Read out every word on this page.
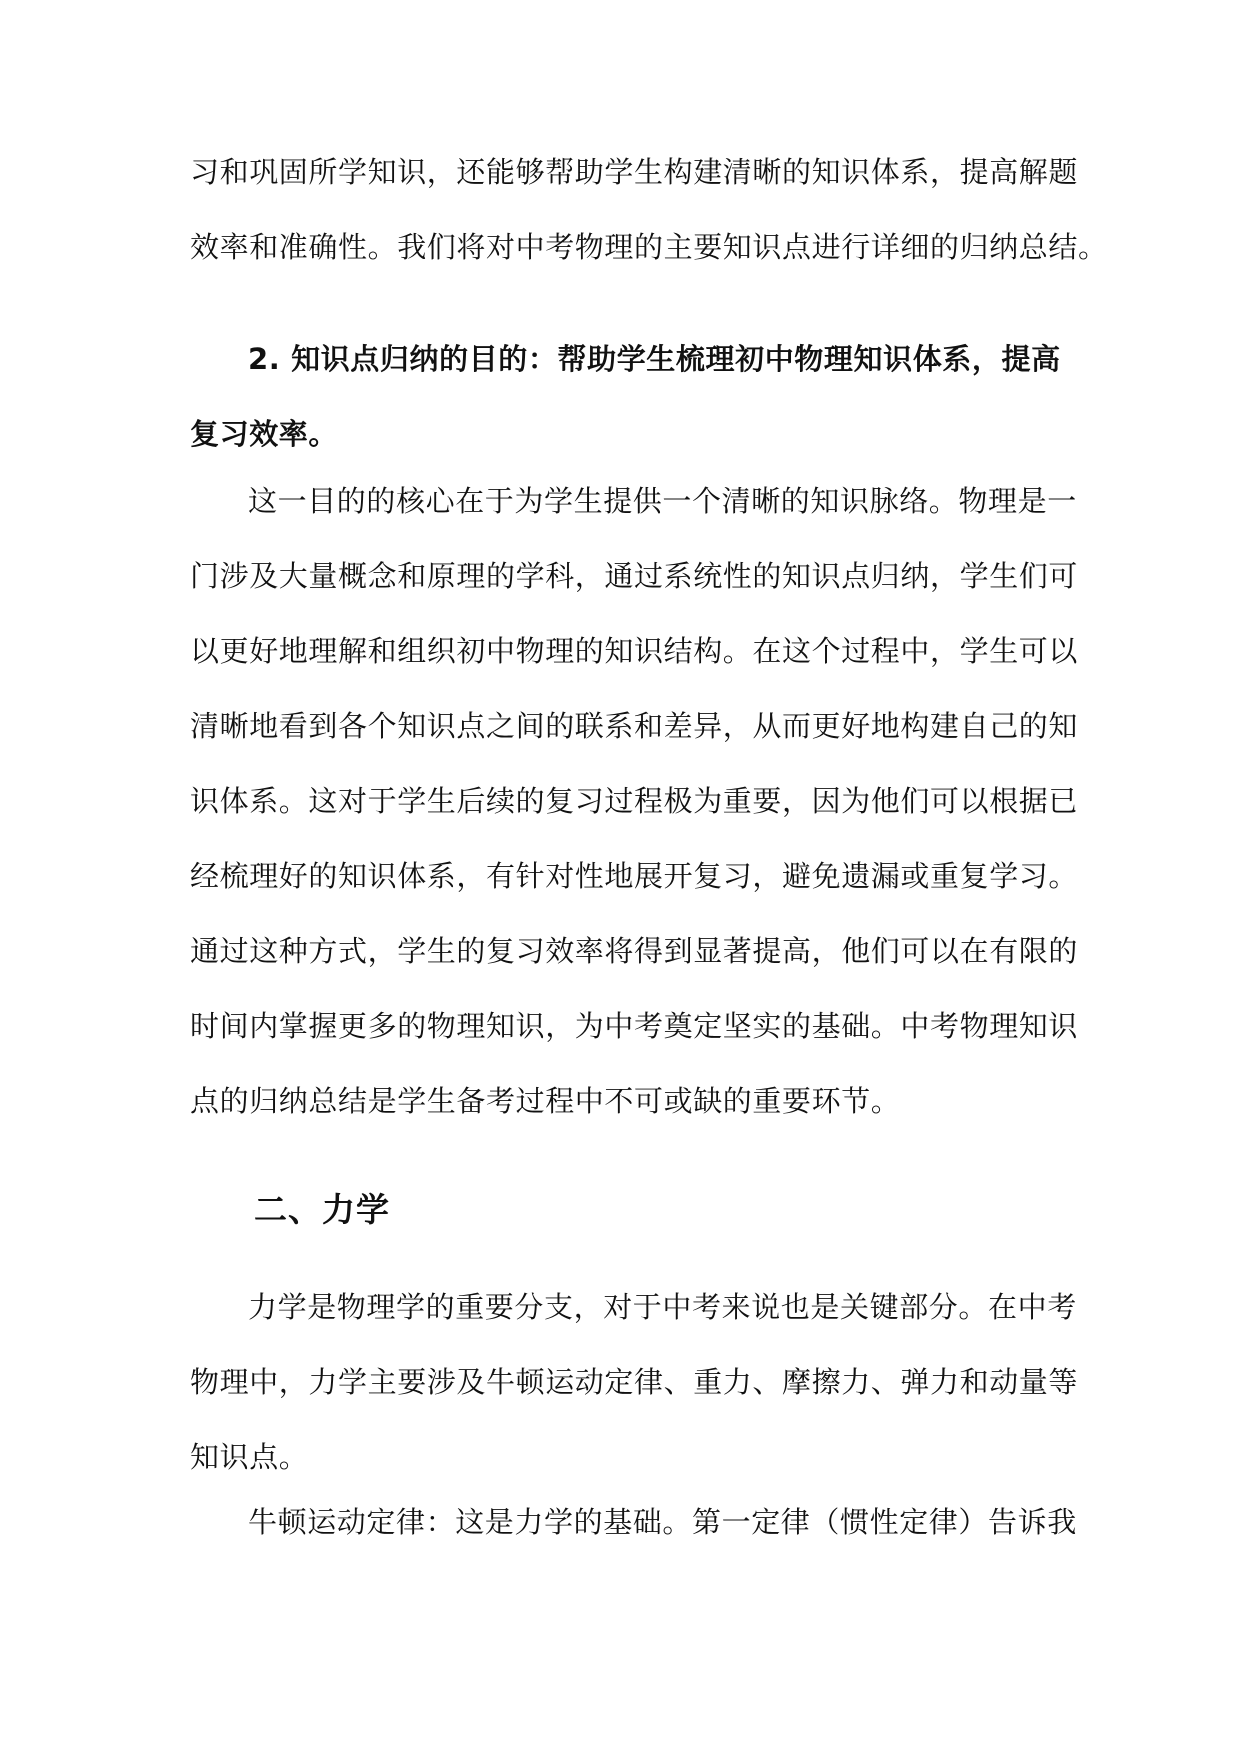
习和巩固所学知识，还能够帮助学生构建清晰的知识体系，提高解题
效率和准确性。我们将对中考物理的主要知识点进行详细的归纳总结。
2. 知识点归纳的目的：帮助学生梳理初中物理知识体系，提高
复习效率。
这一目的的核心在于为学生提供一个清晰的知识脉络。物理是一
门涉及大量概念和原理的学科，通过系统性的知识点归纳，学生们可
以更好地理解和组织初中物理的知识结构。在这个过程中，学生可以
清晰地看到各个知识点之间的联系和差异，从而更好地构建自己的知
识体系。这对于学生后续的复习过程极为重要，因为他们可以根据已
经梳理好的知识体系，有针对性地展开复习，避免遗漏或重复学习。
通过这种方式，学生的复习效率将得到显著提高，他们可以在有限的
时间内掌握更多的物理知识，为中考奠定坚实的基础。中考物理知识
点的归纳总结是学生备考过程中不可或缺的重要环节。
二、力学
力学是物理学的重要分支，对于中考来说也是关键部分。在中考
物理中，力学主要涉及牛顿运动定律、重力、摩擦力、弹力和动量等
知识点。
牛顿运动定律：这是力学的基础。第一定律（惯性定律）告诉我
